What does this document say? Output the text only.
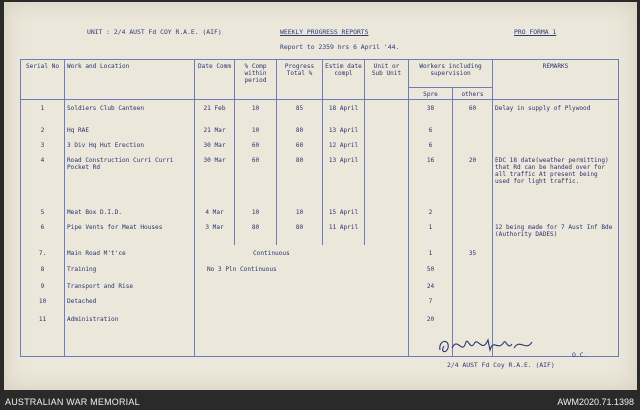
UNIT : 2/4 AUST Fd COY R.A.E. (AIF)	WEEKLY PROGRESS REPORTS
Report to 2359 hrs 6 April '44.
PRO FORMA 1
Serial No	Work and Location	Date Comm	% Comp within period	Progress Total %	Estim date compl	Unit or Sub Unit	Workers including supervision		REMARKS
							Spre	others	
1	Soldiers Club Canteen	21 Feb	10	85	18 April		38	60	Delay in supply of Plywood
2	Hq RAE	21 Mar	10	80	13 April		6		
3	3 Div Hq Hut Erection	30 Mar	60	60	12 April		6		
4	Road Construction Curri Curri Pocket Rd	30 Mar	60	80	13 April		16	20	EDC 18 date(weather permitting) that Rd can be handed over for all traffic At present being used for light traffic.
5	Meat Box D.I.D.	4 Mar	10	10	15 April		2		
6	Pipe Vents for Meat Houses	3 Mar	80	80	11 April		1		12 being made for 7 Aust Inf Bde (Authority DADES)
7.	Main Road M't'ce	Continuous					1	35	
8	Training	No 3 Pln Continuous					50		
9	Transport and Rise						24		
10	Detached						7		
11	Administration						20		
O.C.
2/4 AUST Fd Coy R.A.E. (AIF)
AUSTRALIAN WAR MEMORIAL	AWM2020.71.1398
